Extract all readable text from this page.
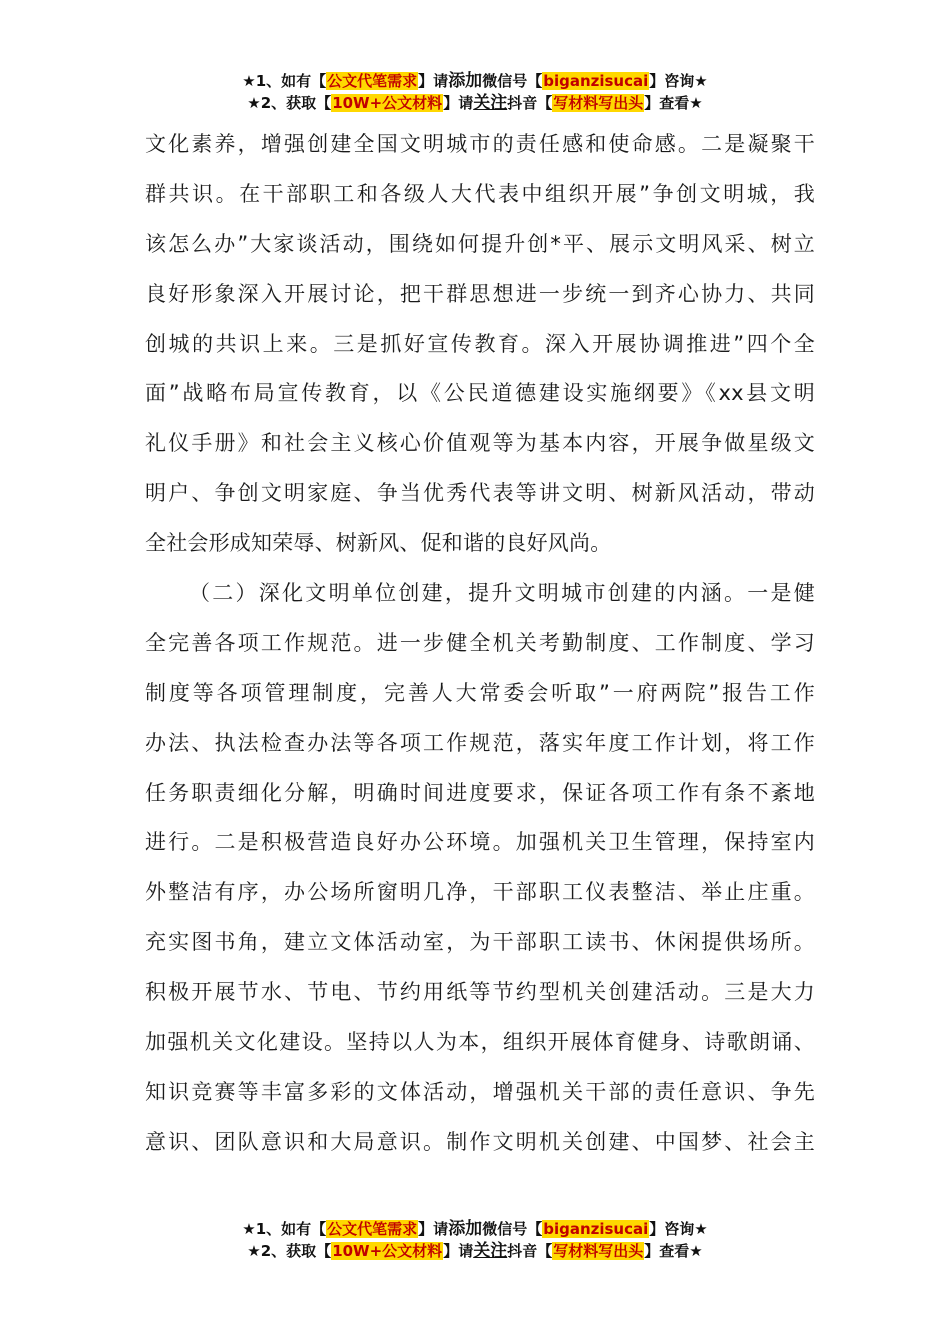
★1、如有【公文代笔需求】请添加微信号【biganzisucai】咨询★
★2、获取【10W+公文材料】请关注抖音【写材料写出头】查看★
文化素养，增强创建全国文明城市的责任感和使命感。二是凝聚干
群共识。在干部职工和各级人大代表中组织开展”争创文明城，我
该怎么办”大家谈活动，围绕如何提升创*平、展示文明风采、树立
良好形象深入开展讨论，把干群思想进一步统一到齐心协力、共同
创城的共识上来。三是抓好宣传教育。深入开展协调推进”四个全
面”战略布局宣传教育，以《公民道德建设实施纲要》《xx县文明
礼仪手册》和社会主义核心价值观等为基本内容，开展争做星级文
明户、争创文明家庭、争当优秀代表等讲文明、树新风活动，带动
全社会形成知荣辱、树新风、促和谐的良好风尚。
（二）深化文明单位创建，提升文明城市创建的内涵。一是健
全完善各项工作规范。进一步健全机关考勤制度、工作制度、学习
制度等各项管理制度，完善人大常委会听取”一府两院”报告工作
办法、执法检查办法等各项工作规范，落实年度工作计划，将工作
任务职责细化分解，明确时间进度要求，保证各项工作有条不紊地
进行。二是积极营造良好办公环境。加强机关卫生管理，保持室内
外整洁有序，办公场所窗明几净，干部职工仪表整洁、举止庄重。
充实图书角，建立文体活动室，为干部职工读书、休闲提供场所。
积极开展节水、节电、节约用纸等节约型机关创建活动。三是大力
加强机关文化建设。坚持以人为本，组织开展体育健身、诗歌朗诵、
知识竞赛等丰富多彩的文体活动，增强机关干部的责任意识、争先
意识、团队意识和大局意识。制作文明机关创建、中国梦、社会主
★1、如有【公文代笔需求】请添加微信号【biganzisucai】咨询★
★2、获取【10W+公文材料】请关注抖音【写材料写出头】查看★
